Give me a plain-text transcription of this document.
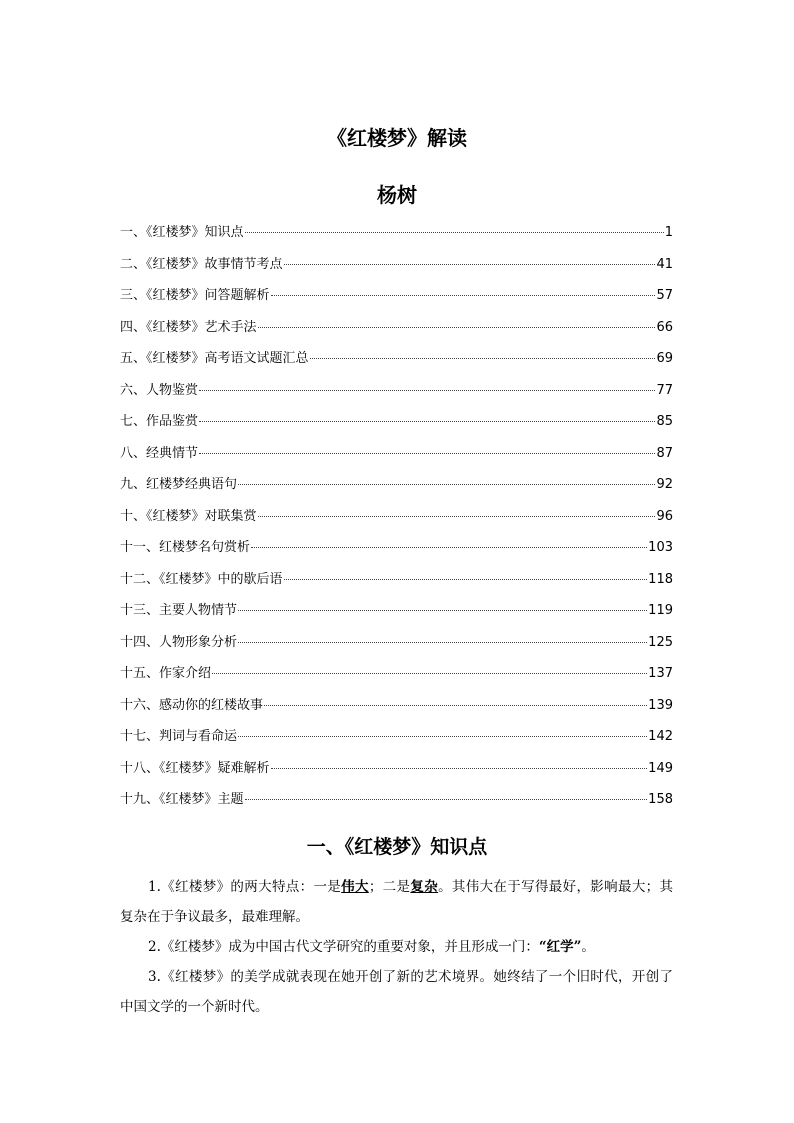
《红楼梦》解读
杨树
一、《红楼梦》知识点	1
二、《红楼梦》故事情节考点	41
三、《红楼梦》问答题解析	57
四、《红楼梦》艺术手法	66
五、《红楼梦》高考语文试题汇总	69
六、人物鉴赏	77
七、作品鉴赏	85
八、经典情节	87
九、红楼梦经典语句	92
十、《红楼梦》对联集赏	96
十一、红楼梦名句赏析	103
十二、《红楼梦》中的歇后语	118
十三、主要人物情节	119
十四、人物形象分析	125
十五、作家介绍	137
十六、感动你的红楼故事	139
十七、判词与看命运	142
十八、《红楼梦》疑难解析	149
十九、《红楼梦》主题	158
一、《红楼梦》知识点

1.《红楼梦》的两大特点：一是伟大；二是复杂。其伟大在于写得最好，影响最大；其复杂在于争议最多，最难理解。

2.《红楼梦》成为中国古代文学研究的重要对象，并且形成一门：“红学”。

3.《红楼梦》的美学成就表现在她开创了新的艺术境界。她终结了一个旧时代，开创了中国文学的一个新时代。
